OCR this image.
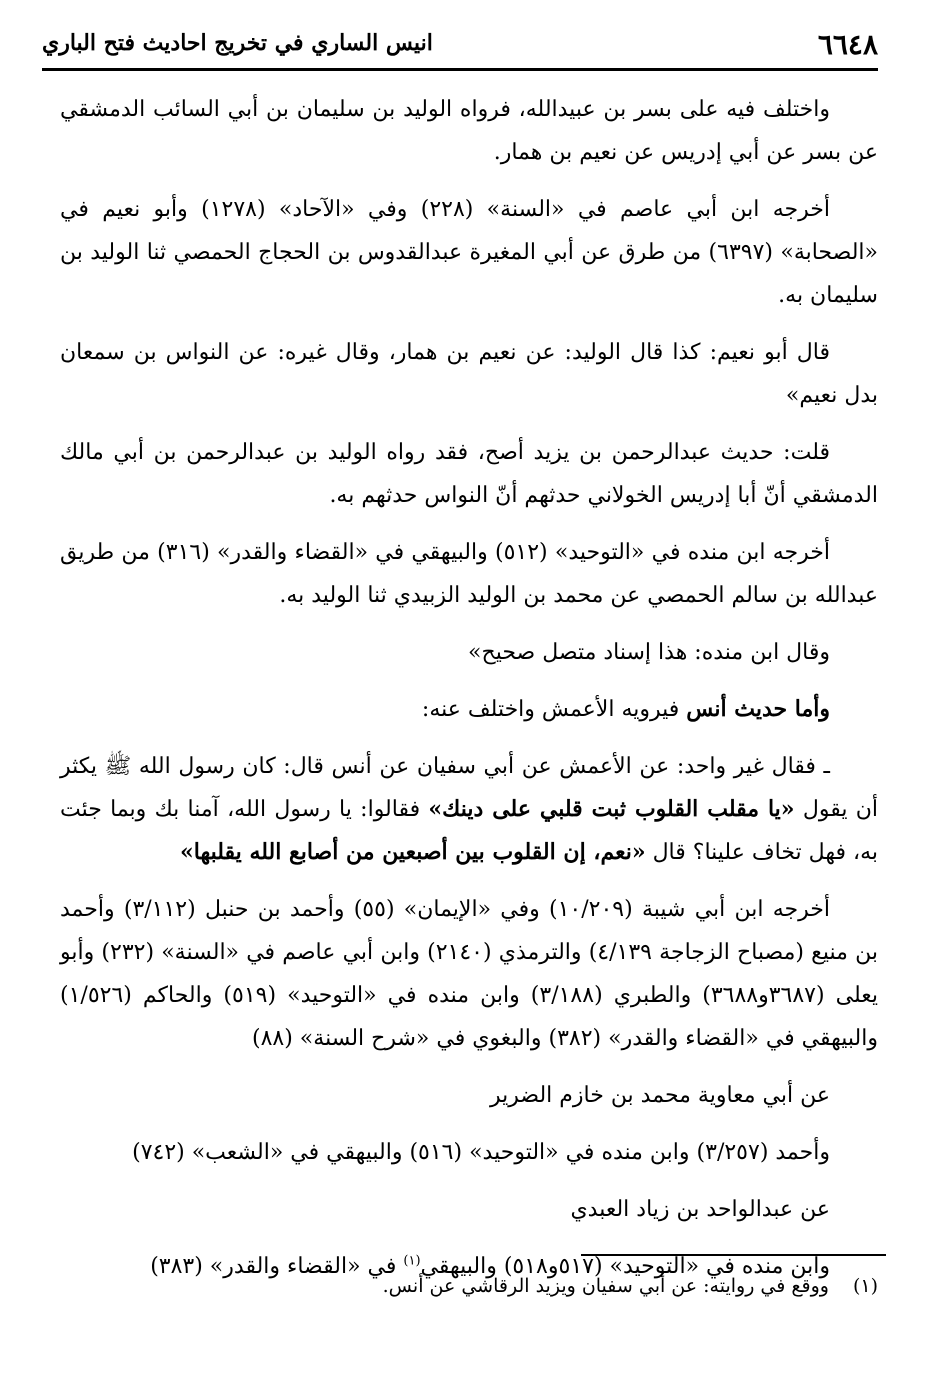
٦٦٤٨
انيس الساري في تخريج احاديث فتح الباري

واختلف فيه على بسر بن عبيدالله، فرواه الوليد بن سليمان بن أبي السائب الدمشقي عن بسر عن أبي إدريس عن نعيم بن همار.

أخرجه ابن أبي عاصم في «السنة» (٢٢٨) وفي «الآحاد» (١٢٧٨) وأبو نعيم في «الصحابة» (٦٣٩٧) من طرق عن أبي المغيرة عبدالقدوس بن الحجاج الحمصي ثنا الوليد بن سليمان به.

قال أبو نعيم: كذا قال الوليد: عن نعيم بن همار، وقال غيره: عن النواس بن سمعان بدل نعيم»

قلت: حديث عبدالرحمن بن يزيد أصح، فقد رواه الوليد بن عبدالرحمن بن أبي مالك الدمشقي أنّ أبا إدريس الخولاني حدثهم أنّ النواس حدثهم به.

أخرجه ابن منده في «التوحيد» (٥١٢) والبيهقي في «القضاء والقدر» (٣١٦) من طريق عبدالله بن سالم الحمصي عن محمد بن الوليد الزبيدي ثنا الوليد به.

وقال ابن منده: هذا إسناد متصل صحيح»

وأما حديث أنس فيرويه الأعمش واختلف عنه:

ـ فقال غير واحد: عن الأعمش عن أبي سفيان عن أنس قال: كان رسول الله ﷺ يكثر أن يقول «يا مقلب القلوب ثبت قلبي على دينك» فقالوا: يا رسول الله، آمنا بك وبما جئت به، فهل تخاف علينا؟ قال «نعم، إن القلوب بين أصبعين من أصابع الله يقلبها»

أخرجه ابن أبي شيبة (١٠/٢٠٩) وفي «الإيمان» (٥٥) وأحمد بن حنبل (٣/١١٢) وأحمد بن منيع (مصباح الزجاجة ٤/١٣٩) والترمذي (٢١٤٠) وابن أبي عاصم في «السنة» (٢٣٢) وأبو يعلى (٣٦٨٧و٣٦٨٨) والطبري (٣/١٨٨) وابن منده في «التوحيد» (٥١٩) والحاكم (١/٥٢٦) والبيهقي في «القضاء والقدر» (٣٨٢) والبغوي في «شرح السنة» (٨٨)

عن أبي معاوية محمد بن خازم الضرير

وأحمد (٣/٢٥٧) وابن منده في «التوحيد» (٥١٦) والبيهقي في «الشعب» (٧٤٢)

عن عبدالواحد بن زياد العبدي

وابن منده في «التوحيد» (٥١٧و٥١٨) والبيهقي$^{(١)}$ في «القضاء والقدر» (٣٨٣)

(١)ووقع في روايته: عن أبي سفيان ويزيد الرقاشي عن أنس.
